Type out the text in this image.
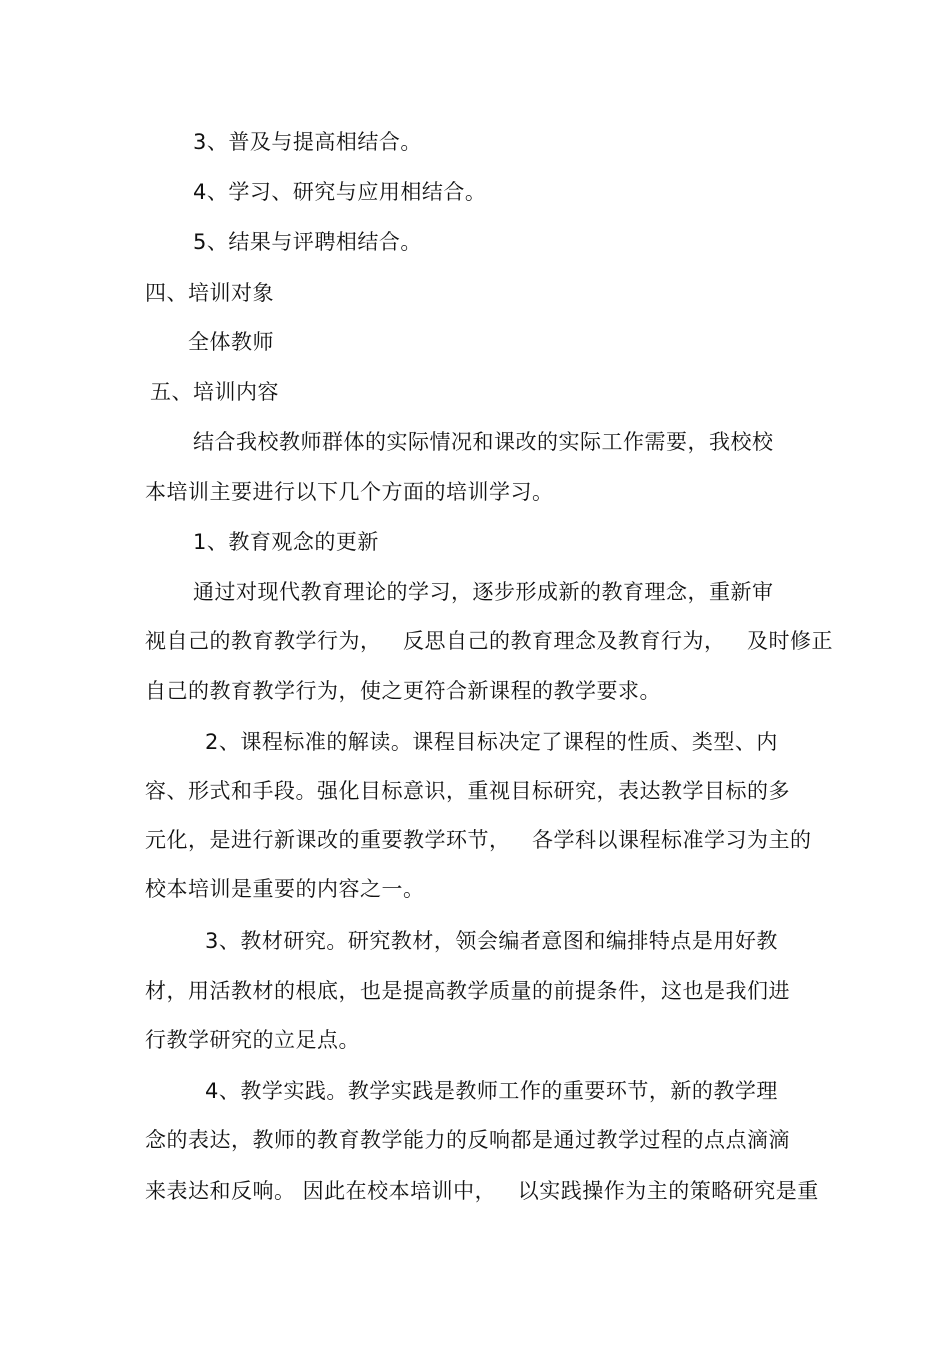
3、普及与提高相结合。
4、学习、研究与应用相结合。
5、结果与评聘相结合。
四、培训对象
全体教师
五、培训内容
结合我校教师群体的实际情况和课改的实际工作需要，我校校
本培训主要进行以下几个方面的培训学习。
1、教育观念的更新
通过对现代教育理论的学习，逐步形成新的教育理念，重新审
视自己的教育教学行为，   反思自己的教育理念及教育行为，   及时修正
自己的教育教学行为，使之更符合新课程的教学要求。
2、课程标准的解读。课程目标决定了课程的性质、类型、内
容、形式和手段。强化目标意识，重视目标研究，表达教学目标的多
元化，是进行新课改的重要教学环节，   各学科以课程标准学习为主的
校本培训是重要的内容之一。
3、教材研究。研究教材，领会编者意图和编排特点是用好教
材，用活教材的根底，也是提高教学质量的前提条件，这也是我们进
行教学研究的立足点。
4、教学实践。教学实践是教师工作的重要环节，新的教学理
念的表达，教师的教育教学能力的反响都是通过教学过程的点点滴滴
来表达和反响。 因此在校本培训中，   以实践操作为主的策略研究是重
